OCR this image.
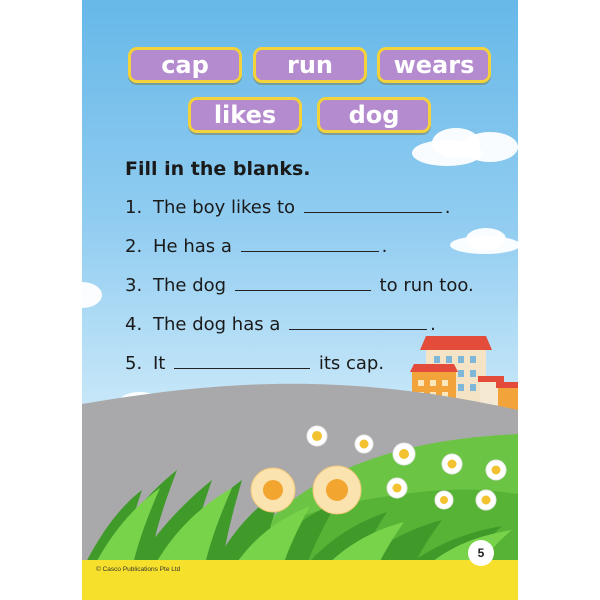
cap	run	wears
likes	dog
Fill in the blanks.
1. The boy likes to	.
2. He has a	.
3. The dog	to run too.
4. The dog has a	.
5. It	its cap.
© Casco Publications Pte Ltd
5
